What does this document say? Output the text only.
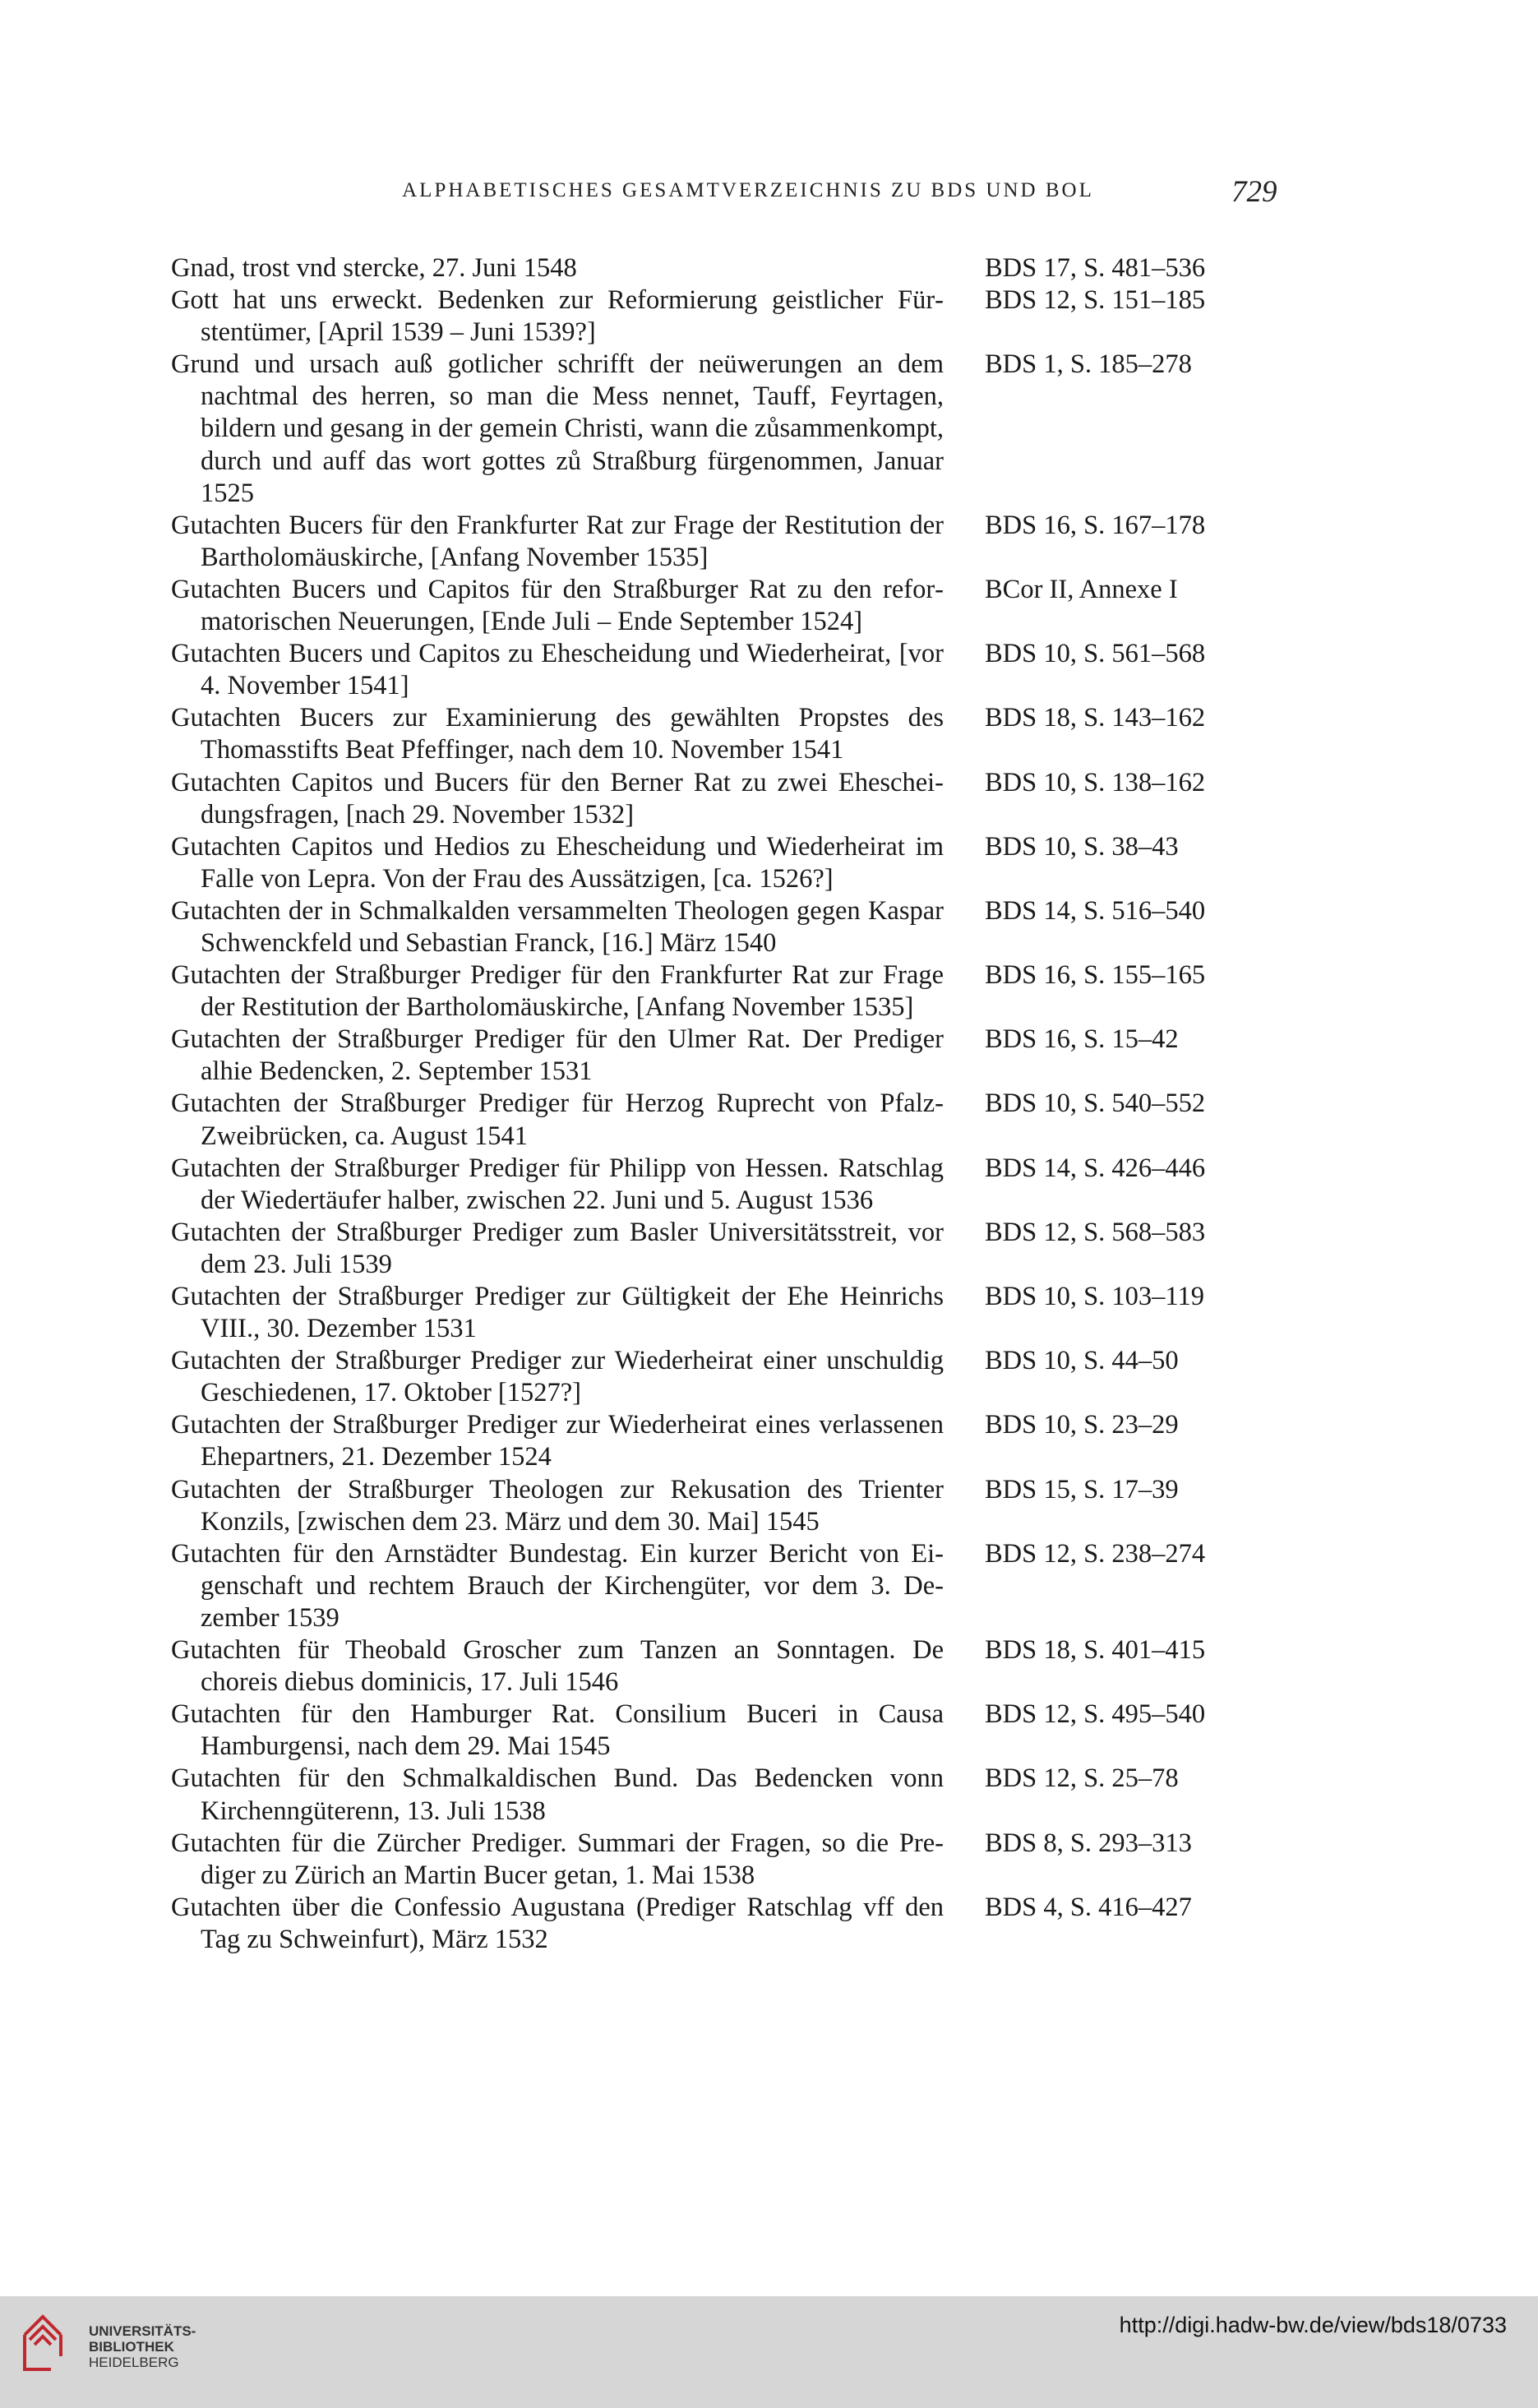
ALPHABETISCHES GESAMTVERZEICHNIS ZU BDS UND BOL	729
Gnad, trost vnd stercke, 27. Juni 1548	BDS 17, S. 481–536
Gott hat uns erweckt. Bedenken zur Reformierung geistlicher Fürstentümer, [April 1539 – Juni 1539?]
BDS 12, S. 151–185
Grund und ursach auß gotlicher schrifft der neüwerungen an dem nachtmal des herren, so man die Mess nennet, Tauff, Feyrtagen, bildern und gesang in der gemein Christi, wann die zůsammenkompt, durch und auff das wort gottes zů Straßburg fürgenommen, Januar 1525
BDS 1, S. 185–278
Gutachten Bucers für den Frankfurter Rat zur Frage der Restitution der Bartholomäuskirche, [Anfang November 1535]
BDS 16, S. 167–178
Gutachten Bucers und Capitos für den Straßburger Rat zu den reformatorischen Neuerungen, [Ende Juli – Ende September 1524]
BCor II, Annexe I
Gutachten Bucers und Capitos zu Ehescheidung und Wiederheirat, [vor 4. November 1541]
BDS 10, S. 561–568
Gutachten Bucers zur Examinierung des gewählten Propstes des Thomasstifts Beat Pfeffinger, nach dem 10. November 1541
BDS 18, S. 143–162
Gutachten Capitos und Bucers für den Berner Rat zu zwei Ehescheidungsfragen, [nach 29. November 1532]
BDS 10, S. 138–162
Gutachten Capitos und Hedios zu Ehescheidung und Wiederheirat im Falle von Lepra. Von der Frau des Aussätzigen, [ca. 1526?]
BDS 10, S. 38–43
Gutachten der in Schmalkalden versammelten Theologen gegen Kaspar Schwenckfeld und Sebastian Franck, [16.] März 1540
BDS 14, S. 516–540
Gutachten der Straßburger Prediger für den Frankfurter Rat zur Frage der Restitution der Bartholomäuskirche, [Anfang November 1535]
BDS 16, S. 155–165
Gutachten der Straßburger Prediger für den Ulmer Rat. Der Prediger alhie Bedencken, 2. September 1531
BDS 16, S. 15–42
Gutachten der Straßburger Prediger für Herzog Ruprecht von Pfalz-Zweibrücken, ca. August 1541
BDS 10, S. 540–552
Gutachten der Straßburger Prediger für Philipp von Hessen. Ratschlag der Wiedertäufer halber, zwischen 22. Juni und 5. August 1536
BDS 14, S. 426–446
Gutachten der Straßburger Prediger zum Basler Universitätsstreit, vor dem 23. Juli 1539
BDS 12, S. 568–583
Gutachten der Straßburger Prediger zur Gültigkeit der Ehe Heinrichs VIII., 30. Dezember 1531
BDS 10, S. 103–119
Gutachten der Straßburger Prediger zur Wiederheirat einer unschuldig Geschiedenen, 17. Oktober [1527?]
BDS 10, S. 44–50
Gutachten der Straßburger Prediger zur Wiederheirat eines verlassenen Ehepartners, 21. Dezember 1524
BDS 10, S. 23–29
Gutachten der Straßburger Theologen zur Rekusation des Trienter Konzils, [zwischen dem 23. März und dem 30. Mai] 1545
BDS 15, S. 17–39
Gutachten für den Arnstädter Bundestag. Ein kurzer Bericht von Eigenschaft und rechtem Brauch der Kirchengüter, vor dem 3. Dezember 1539
BDS 12, S. 238–274
Gutachten für Theobald Groscher zum Tanzen an Sonntagen. De choreis diebus dominicis, 17. Juli 1546
BDS 18, S. 401–415
Gutachten für den Hamburger Rat. Consilium Buceri in Causa Hamburgensi, nach dem 29. Mai 1545
BDS 12, S. 495–540
Gutachten für den Schmalkaldischen Bund. Das Bedencken vonn Kirchenngüterenn, 13. Juli 1538
BDS 12, S. 25–78
Gutachten für die Zürcher Prediger. Summari der Fragen, so die Prediger zu Zürich an Martin Bucer getan, 1. Mai 1538
BDS 8, S. 293–313
Gutachten über die Confessio Augustana (Prediger Ratschlag vff den Tag zu Schweinfurt), März 1532
BDS 4, S. 416–427
UNIVERSITÄTS-
BIBLIOTHEK
HEIDELBERG
http://digi.hadw-bw.de/view/bds18/0733
